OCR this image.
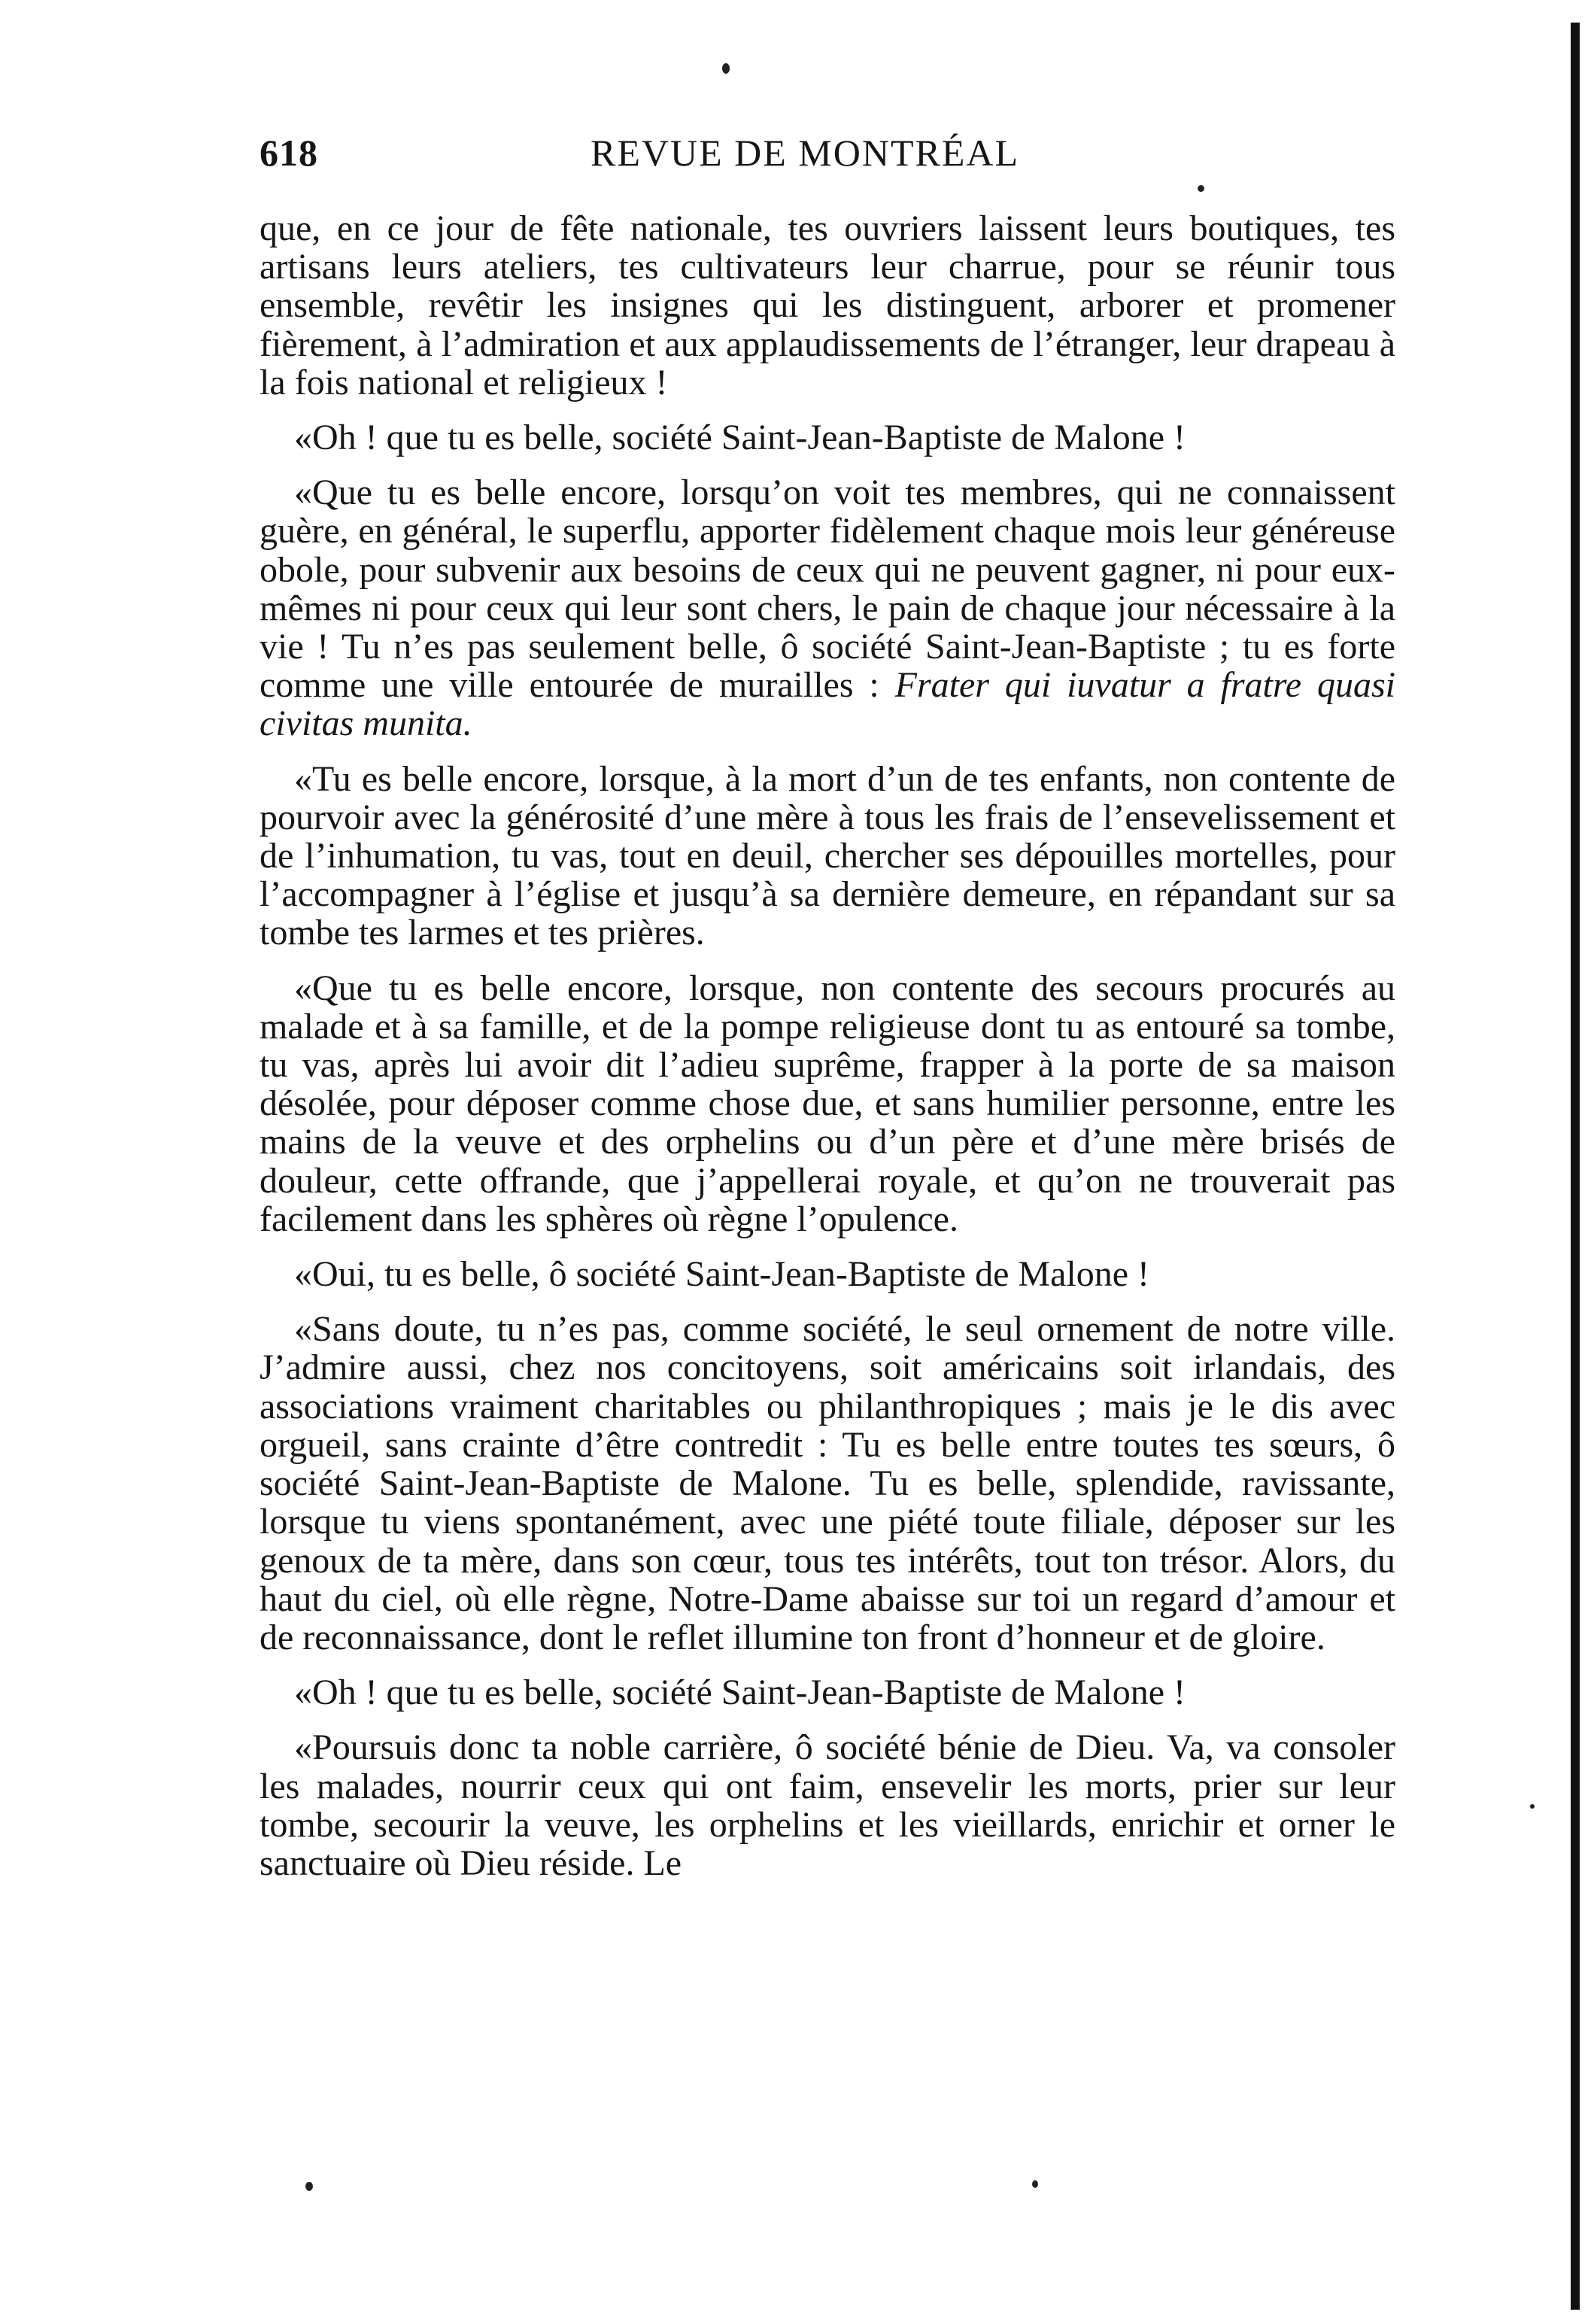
618	REVUE DE MONTRÉAL

que, en ce jour de fête nationale, tes ouvriers laissent leurs boutiques, tes artisans leurs ateliers, tes cultivateurs leur charrue, pour se réunir tous ensemble, revêtir les insignes qui les distinguent, arborer et promener fièrement, à l’admiration et aux applaudissements de l’étranger, leur drapeau à la fois national et religieux !

«Oh ! que tu es belle, société Saint-Jean-Baptiste de Malone !

«Que tu es belle encore, lorsqu’on voit tes membres, qui ne connaissent guère, en général, le superflu, apporter fidèlement chaque mois leur généreuse obole, pour subvenir aux besoins de ceux qui ne peuvent gagner, ni pour eux-mêmes ni pour ceux qui leur sont chers, le pain de chaque jour nécessaire à la vie ! Tu n’es pas seulement belle, ô société Saint-Jean-Baptiste ; tu es forte comme une ville entourée de murailles : Frater qui iuvatur a fratre quasi civitas munita.

«Tu es belle encore, lorsque, à la mort d’un de tes enfants, non contente de pourvoir avec la générosité d’une mère à tous les frais de l’ensevelissement et de l’inhumation, tu vas, tout en deuil, chercher ses dépouilles mortelles, pour l’accompagner à l’église et jusqu’à sa dernière demeure, en répandant sur sa tombe tes larmes et tes prières.

«Que tu es belle encore, lorsque, non contente des secours procurés au malade et à sa famille, et de la pompe religieuse dont tu as entouré sa tombe, tu vas, après lui avoir dit l’adieu suprême, frapper à la porte de sa maison désolée, pour déposer comme chose due, et sans humilier personne, entre les mains de la veuve et des orphelins ou d’un père et d’une mère brisés de douleur, cette offrande, que j’appellerai royale, et qu’on ne trouverait pas facilement dans les sphères où règne l’opulence.

«Oui, tu es belle, ô société Saint-Jean-Baptiste de Malone !

«Sans doute, tu n’es pas, comme société, le seul ornement de notre ville. J’admire aussi, chez nos concitoyens, soit américains soit irlandais, des associations vraiment charitables ou philanthropiques ; mais je le dis avec orgueil, sans crainte d’être contredit : Tu es belle entre toutes tes sœurs, ô société Saint-Jean-Baptiste de Malone. Tu es belle, splendide, ravissante, lorsque tu viens spontanément, avec une piété toute filiale, déposer sur les genoux de ta mère, dans son cœur, tous tes intérêts, tout ton trésor. Alors, du haut du ciel, où elle règne, Notre-Dame abaisse sur toi un regard d’amour et de reconnaissance, dont le reflet illumine ton front d’honneur et de gloire.

«Oh ! que tu es belle, société Saint-Jean-Baptiste de Malone !

«Poursuis donc ta noble carrière, ô société bénie de Dieu. Va, va consoler les malades, nourrir ceux qui ont faim, ensevelir les morts, prier sur leur tombe, secourir la veuve, les orphelins et les vieillards, enrichir et orner le sanctuaire où Dieu réside. Le
